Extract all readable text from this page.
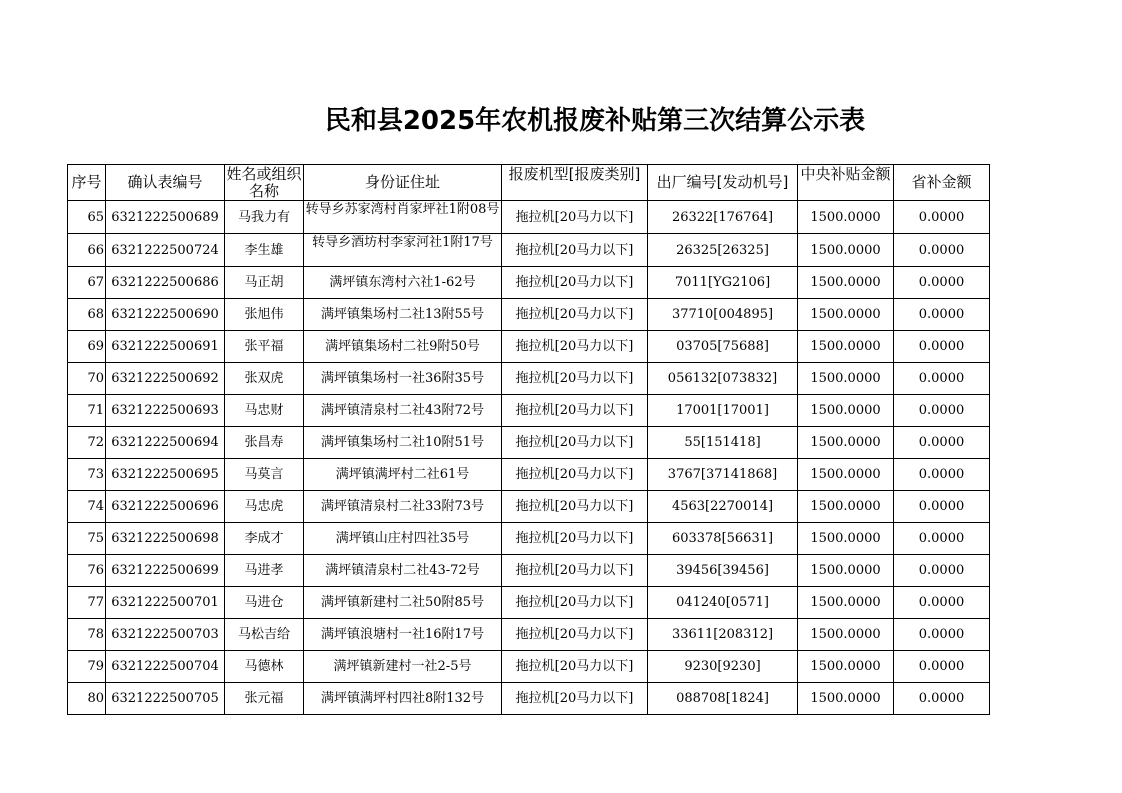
民和县2025年农机报废补贴第三次结算公示表
序号	确认表编号	姓名或组织名称	身份证住址	报废机型[报废类别]	出厂编号[发动机号]	中央补贴金额	省补金额
65	6321222500689	马我力有	转导乡苏家湾村肖家坪社1附08号	拖拉机[20马力以下]	26322[176764]	1500.0000	0.0000
66	6321222500724	李生雄	转导乡酒坊村李家河社1附17号	拖拉机[20马力以下]	26325[26325]	1500.0000	0.0000
67	6321222500686	马正胡	满坪镇东湾村六社1-62号	拖拉机[20马力以下]	7011[YG2106]	1500.0000	0.0000
68	6321222500690	张旭伟	满坪镇集场村二社13附55号	拖拉机[20马力以下]	37710[004895]	1500.0000	0.0000
69	6321222500691	张平福	满坪镇集场村二社9附50号	拖拉机[20马力以下]	03705[75688]	1500.0000	0.0000
70	6321222500692	张双虎	满坪镇集场村一社36附35号	拖拉机[20马力以下]	056132[073832]	1500.0000	0.0000
71	6321222500693	马忠财	满坪镇清泉村二社43附72号	拖拉机[20马力以下]	17001[17001]	1500.0000	0.0000
72	6321222500694	张昌寿	满坪镇集场村二社10附51号	拖拉机[20马力以下]	55[151418]	1500.0000	0.0000
73	6321222500695	马莫言	满坪镇满坪村二社61号	拖拉机[20马力以下]	3767[37141868]	1500.0000	0.0000
74	6321222500696	马忠虎	满坪镇清泉村二社33附73号	拖拉机[20马力以下]	4563[2270014]	1500.0000	0.0000
75	6321222500698	李成才	满坪镇山庄村四社35号	拖拉机[20马力以下]	603378[56631]	1500.0000	0.0000
76	6321222500699	马进孝	满坪镇清泉村二社43-72号	拖拉机[20马力以下]	39456[39456]	1500.0000	0.0000
77	6321222500701	马进仓	满坪镇新建村二社50附85号	拖拉机[20马力以下]	041240[0571]	1500.0000	0.0000
78	6321222500703	马松吉给	满坪镇浪塘村一社16附17号	拖拉机[20马力以下]	33611[208312]	1500.0000	0.0000
79	6321222500704	马德林	满坪镇新建村一社2-5号	拖拉机[20马力以下]	9230[9230]	1500.0000	0.0000
80	6321222500705	张元福	满坪镇满坪村四社8附132号	拖拉机[20马力以下]	088708[1824]	1500.0000	0.0000
